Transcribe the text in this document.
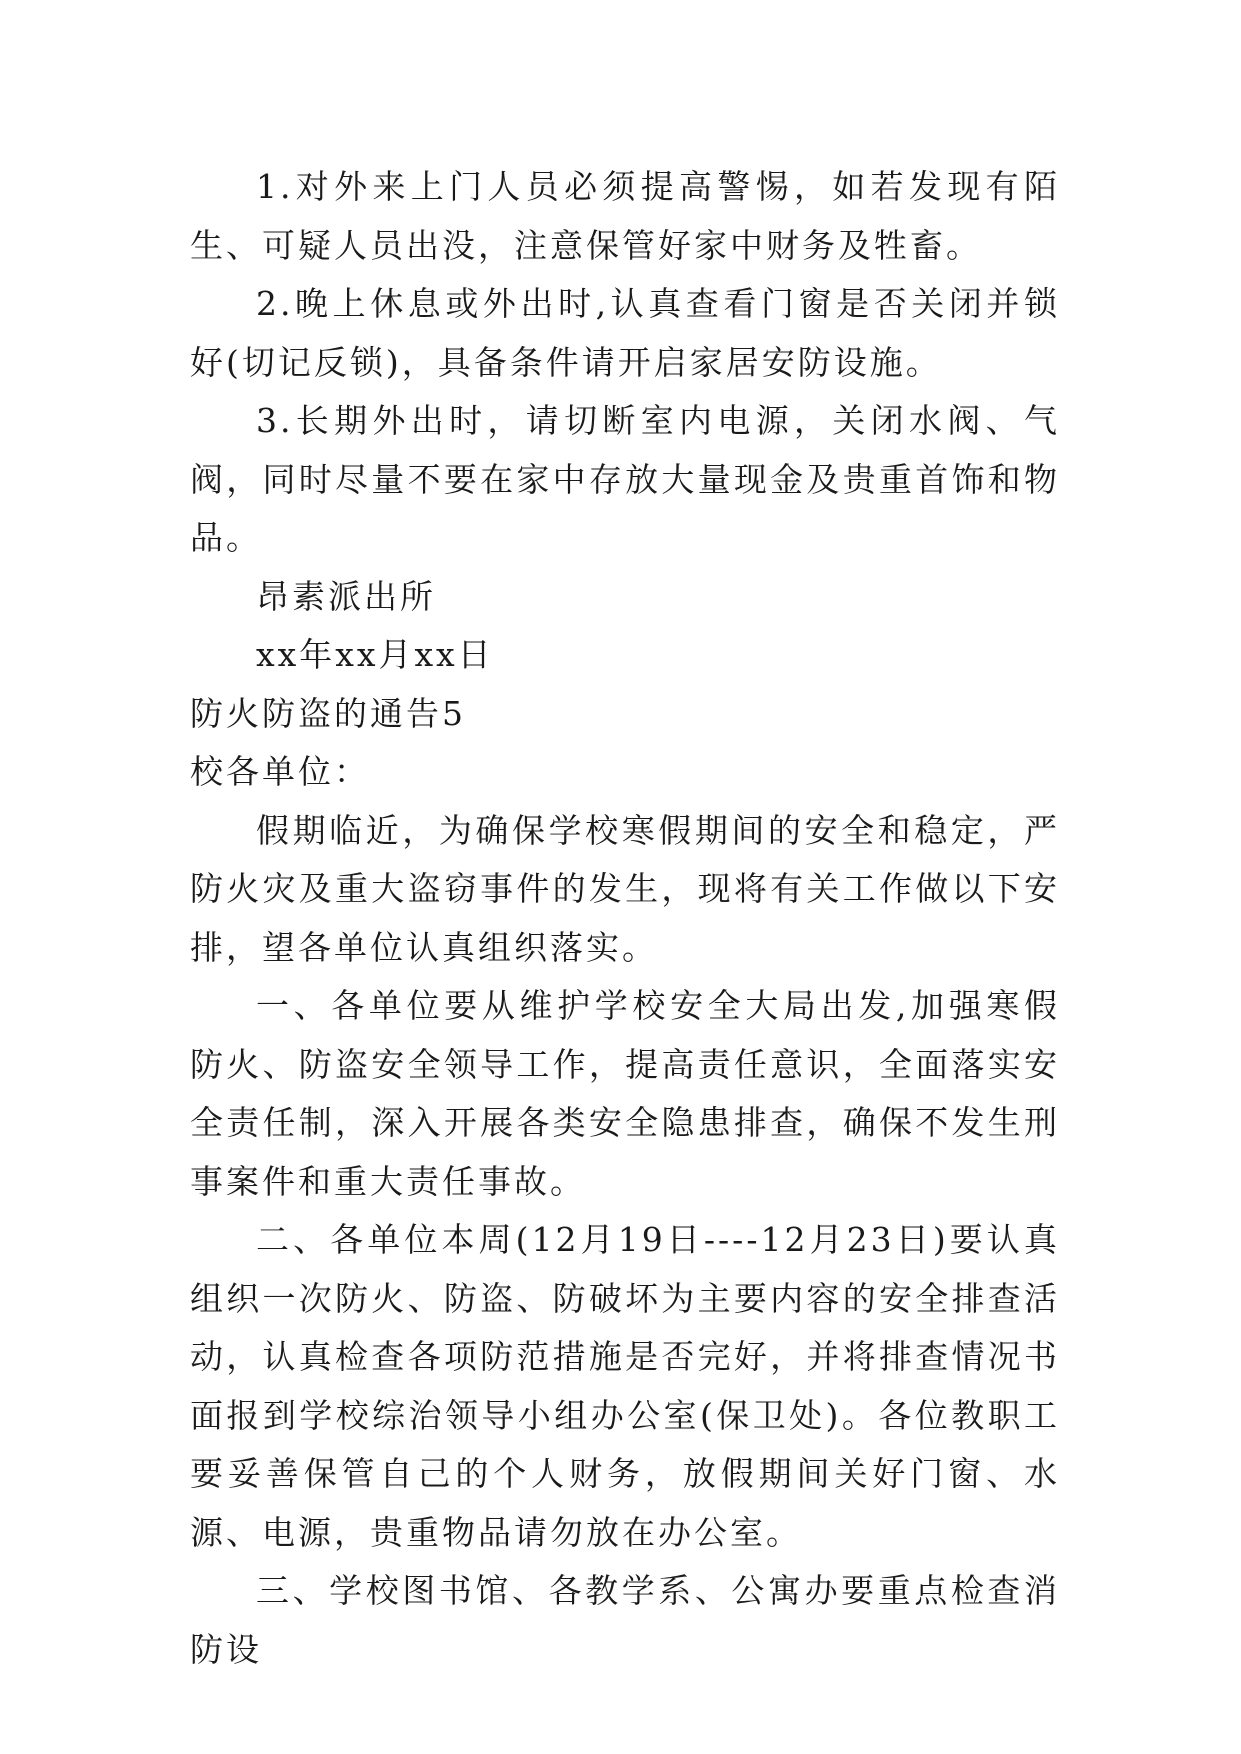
1.对外来上门人员必须提高警惕，如若发现有陌生、可疑人员出没，注意保管好家中财务及牲畜。

2.晚上休息或外出时,认真查看门窗是否关闭并锁好(切记反锁)，具备条件请开启家居安防设施。

3.长期外出时，请切断室内电源，关闭水阀、气阀，同时尽量不要在家中存放大量现金及贵重首饰和物品。

昂素派出所

xx年xx月xx日

防火防盗的通告5

校各单位：

假期临近，为确保学校寒假期间的安全和稳定，严防火灾及重大盗窃事件的发生，现将有关工作做以下安排，望各单位认真组织落实。

一、各单位要从维护学校安全大局出发,加强寒假防火、防盗安全领导工作，提高责任意识，全面落实安全责任制，深入开展各类安全隐患排查，确保不发生刑事案件和重大责任事故。

二、各单位本周(12月19日----12月23日)要认真组织一次防火、防盗、防破坏为主要内容的安全排查活动，认真检查各项防范措施是否完好，并将排查情况书面报到学校综治领导小组办公室(保卫处)。各位教职工要妥善保管自己的个人财务，放假期间关好门窗、水源、电源，贵重物品请勿放在办公室。

三、学校图书馆、各教学系、公寓办要重点检查消防设
